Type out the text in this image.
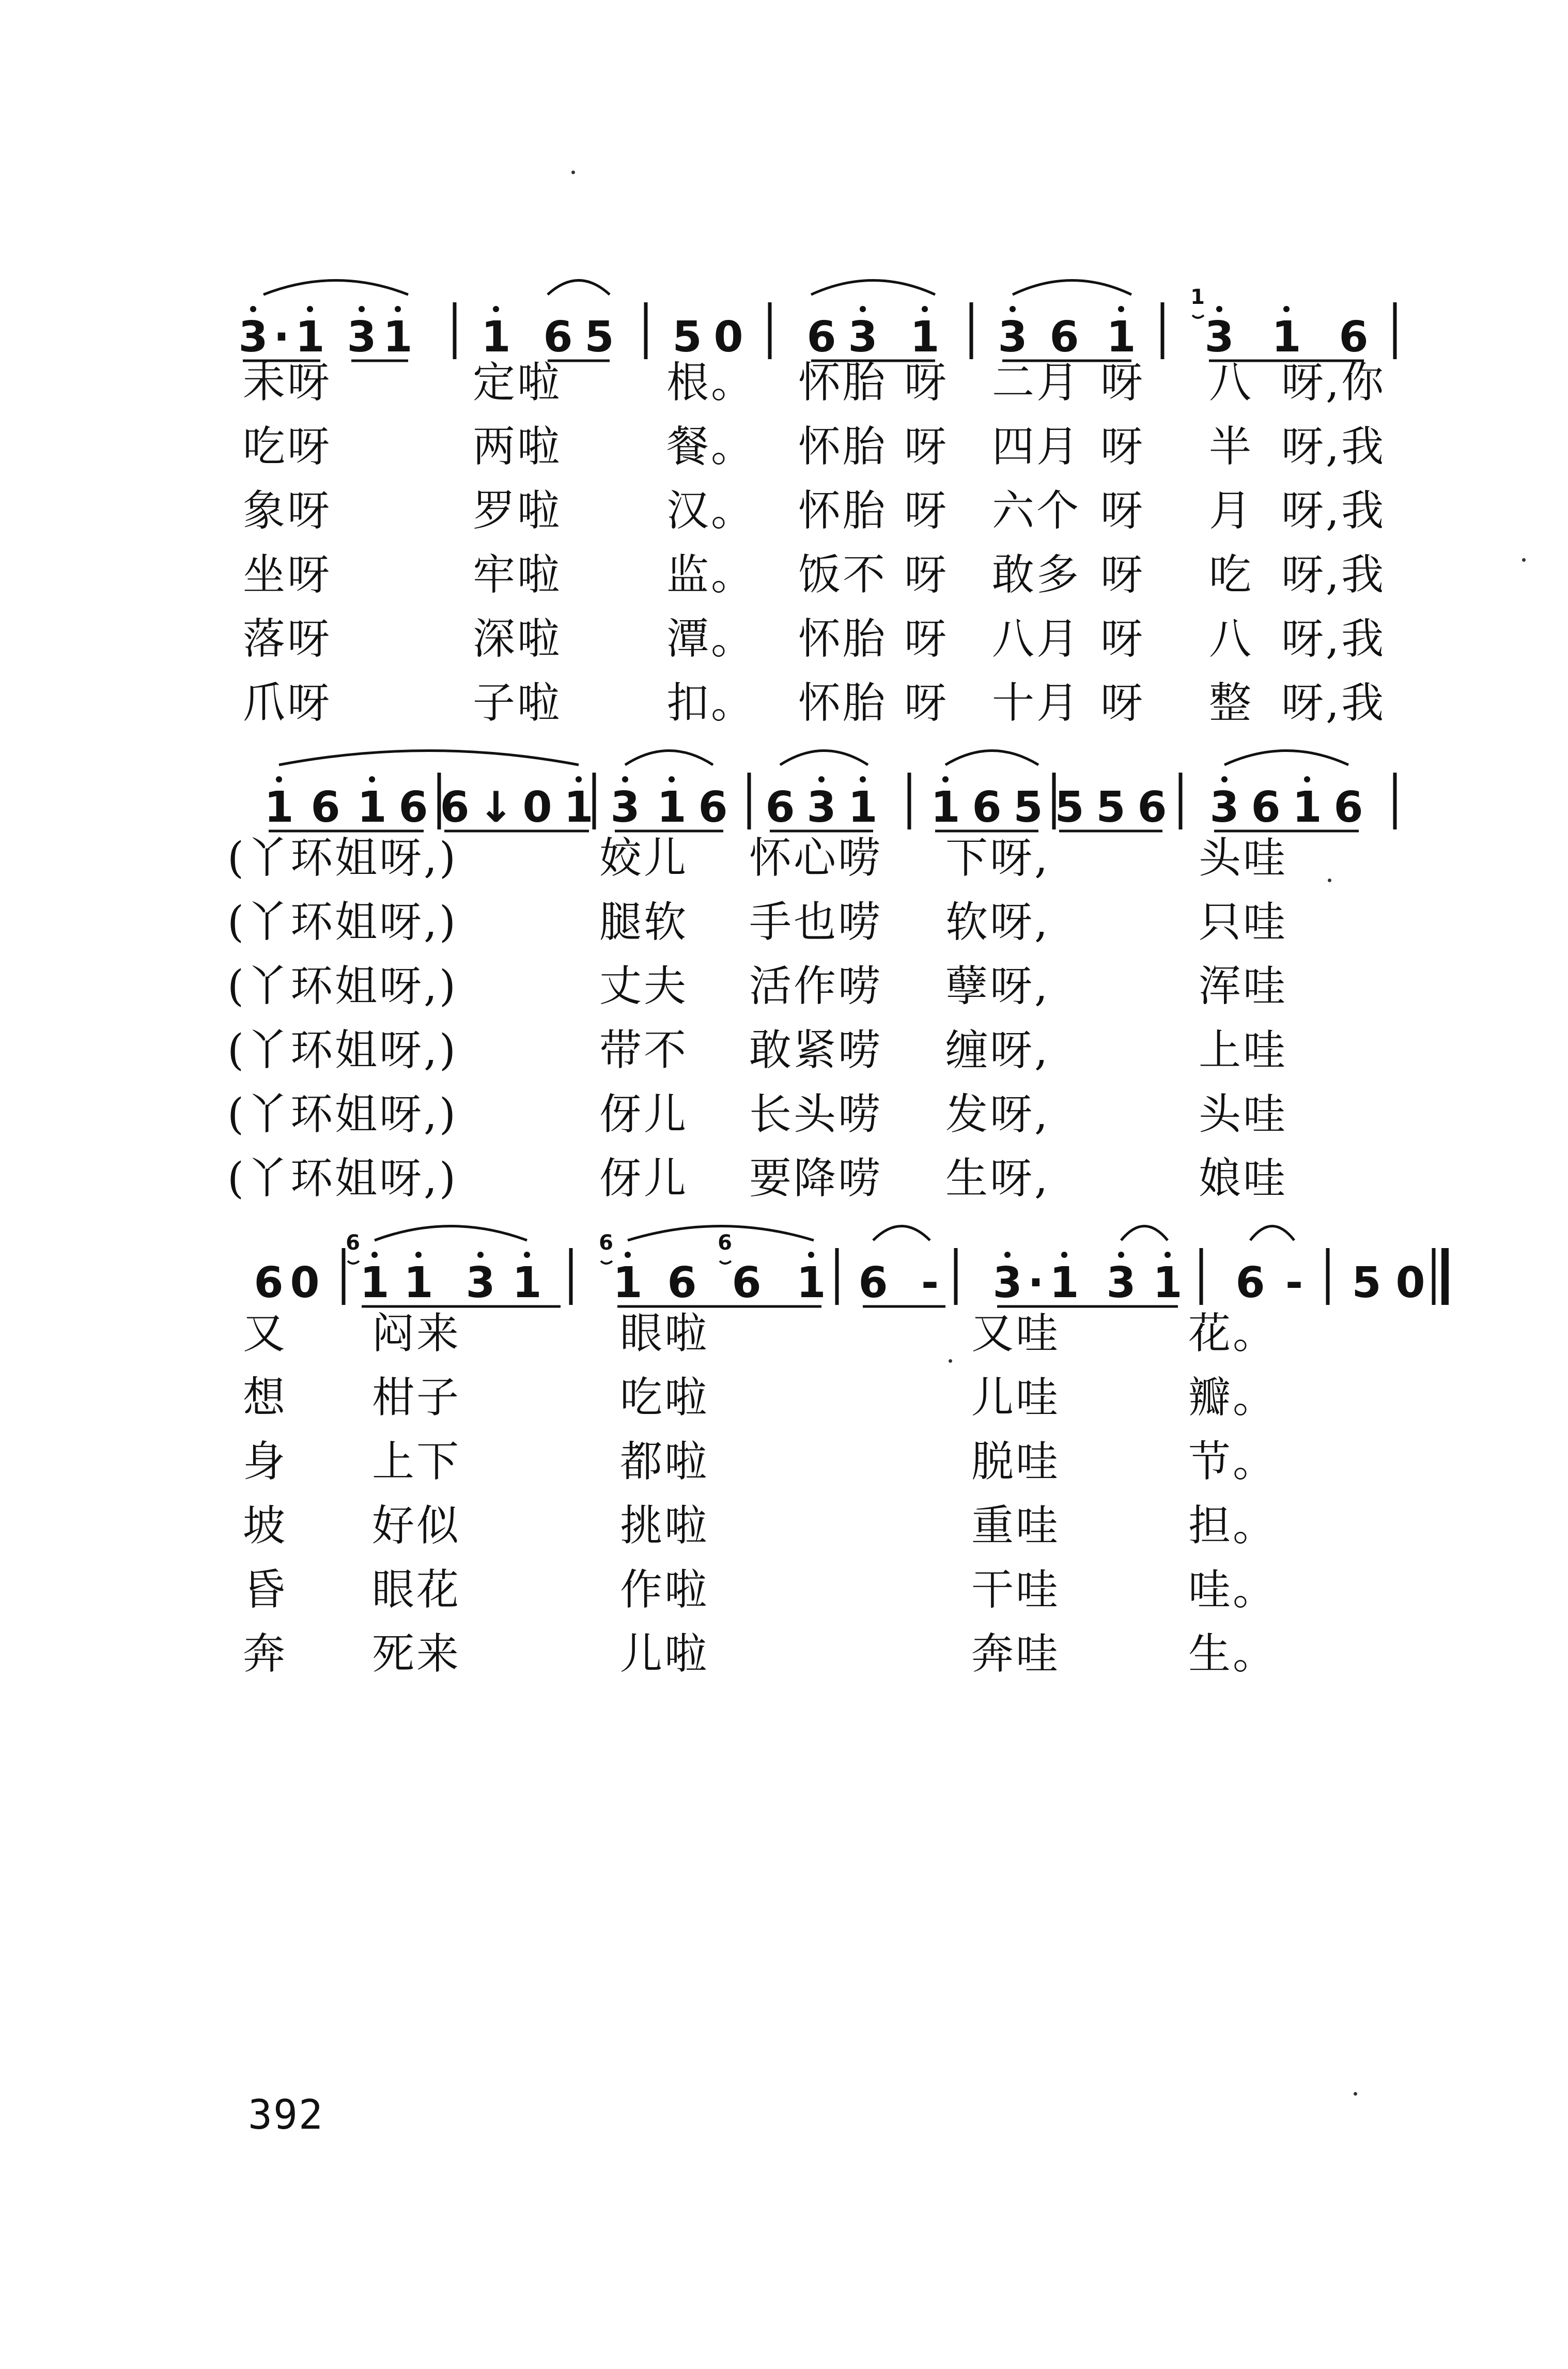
3 · 1 3 1 1 6 5 5 0 6 3 1 3 6 1 3
1
1 6
未呀	定啦 根。 怀胎 呀 二月 呀 八 呀,你
吃呀	两啦 餐。 怀胎 呀 四月 呀 半 呀,我
象呀	罗啦 汉。 怀胎 呀 六个 呀 月 呀,我
坐呀	牢啦 监。 饭不 呀 敢多 呀 吃 呀,我
落呀	深啦 潭。 怀胎 呀 八月 呀 八 呀,我
爪呀	子啦 扣。 怀胎 呀 十月 呀 整 呀,我
1 6 1 6 6 ↓ 0 1 3 1 6 6 3 1 1 6 5 5 5 6 3 6 1 6
(丫环姐呀,)	姣儿 怀心唠 下呀,	头哇
(丫环姐呀,)	腿软 手也唠 软呀,	只哇
(丫环姐呀,)	丈夫 活作唠 孽呀,	浑哇
(丫环姐呀,)	带不 敢紧唠 缠呀,	上哇
(丫环姐呀,)	伢儿 长头唠 发呀,	头哇
(丫环姐呀,)	伢儿 要降唠 生呀,	娘哇
6 0 1
6
1 3 1 1
6
6 6
6
1 6 - 3 · 1 3 1 6 - 5 0
又 闷来	眼啦	又哇	花。
想 柑子	吃啦	儿哇	瓣。
身 上下	都啦	脱哇	节。
坡 好似	挑啦	重哇	担。
昏 眼花	作啦	干哇	哇。
奔 死来	儿啦	奔哇	生。
392
